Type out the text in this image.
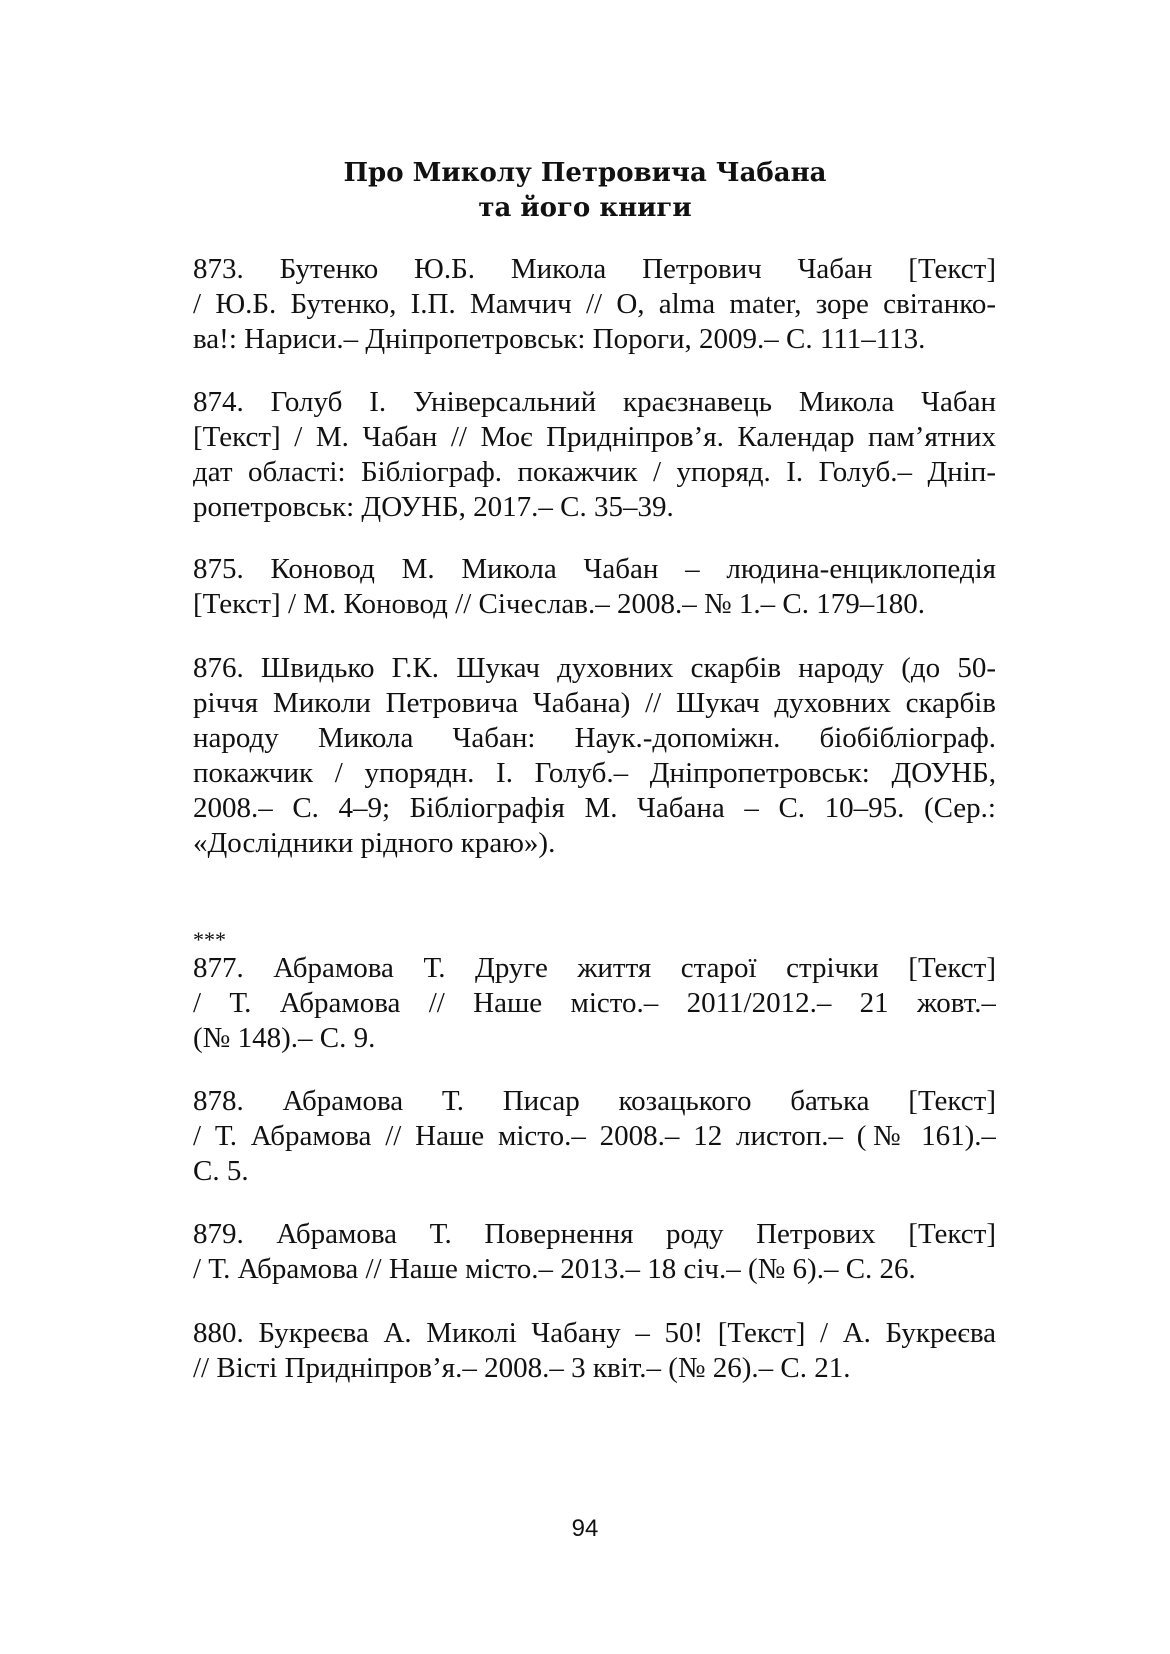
Про Миколу Петровича Чабана
та його книги
873. Бутенко Ю.Б. Микола Петрович Чабан [Текст]
/ Ю.Б. Бутенко, І.П. Мамчич // О, alma mater, зоре світанко-
ва!: Нариси.– Дніпропетровськ: Пороги, 2009.– С. 111–113.
874. Голуб І. Універсальний краєзнавець Микола Чабан
[Текст] / М. Чабан // Моє Придніпров’я. Календар пам’ятних
дат області: Бібліограф. покажчик / упоряд. І. Голуб.– Дніп-
ропетровськ: ДОУНБ, 2017.– С. 35–39.
875. Коновод М. Микола Чабан – людина-енциклопедія
[Текст] / М. Коновод // Січеслав.– 2008.– № 1.– С. 179–180.
876. Швидько Г.К. Шукач духовних скарбів народу (до 50-
річчя Миколи Петровича Чабана) // Шукач духовних скарбів
народу Микола Чабан: Наук.-допоміжн. біобібліограф.
покажчик / упорядн. І. Голуб.– Дніпропетровськ: ДОУНБ,
2008.– С. 4–9; Бібліографія М. Чабана – С. 10–95. (Сер.:
«Дослідники рідного краю»).
***
877. Абрамова Т. Друге життя старої стрічки [Текст]
/ Т. Абрамова // Наше місто.– 2011/2012.– 21 жовт.–
(№ 148).– С. 9.
878. Абрамова Т. Писар козацького батька [Текст]
/ Т. Абрамова // Наше місто.– 2008.– 12 листоп.– (№ 161).–
С. 5.
879. Абрамова Т. Повернення роду Петрових [Текст]
/ Т. Абрамова // Наше місто.– 2013.– 18 січ.– (№ 6).– С. 26.
880. Букреєва А. Миколі Чабану – 50! [Текст] / А. Букреєва
// Вісті Придніпров’я.– 2008.– 3 квіт.– (№ 26).– С. 21.
94
